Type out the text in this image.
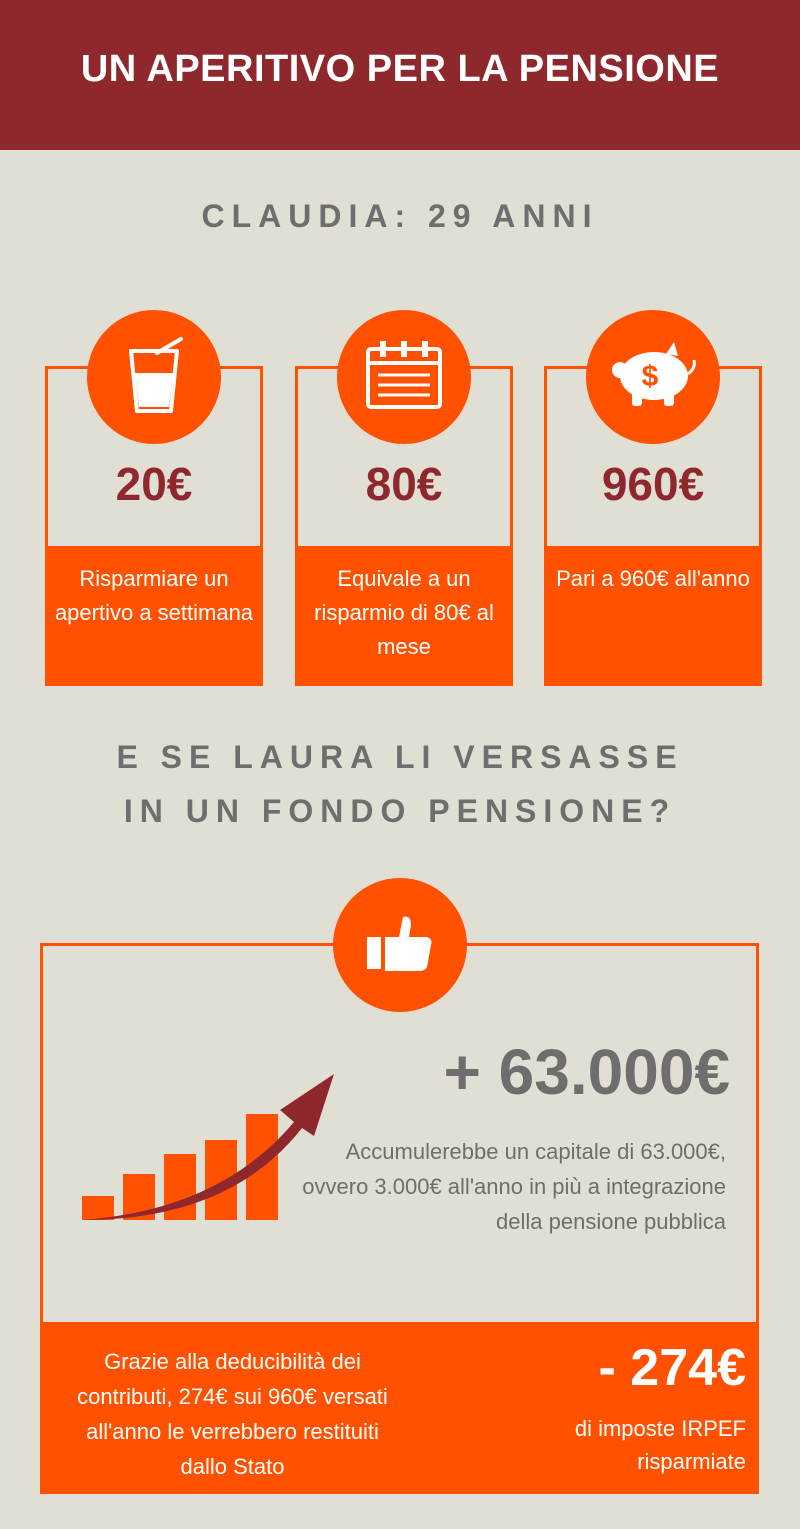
UN APERITIVO PER LA PENSIONE
CLAUDIA: 29 ANNI
20€
Risparmiare un apertivo a settimana
80€
Equivale a un risparmio di 80€ al mese
$
960€
Pari a 960€ all'anno
E SE LAURA LI VERSASSE
IN UN FONDO PENSIONE?
+ 63.000€
Accumulerebbe un capitale di 63.000€, ovvero 3.000€ all'anno in più a integrazione della pensione pubblica
Grazie alla deducibilità dei contributi, 274€ sui 960€ versati all'anno le verrebbero restituiti dallo Stato
- 274€
di imposte IRPEF risparmiate
